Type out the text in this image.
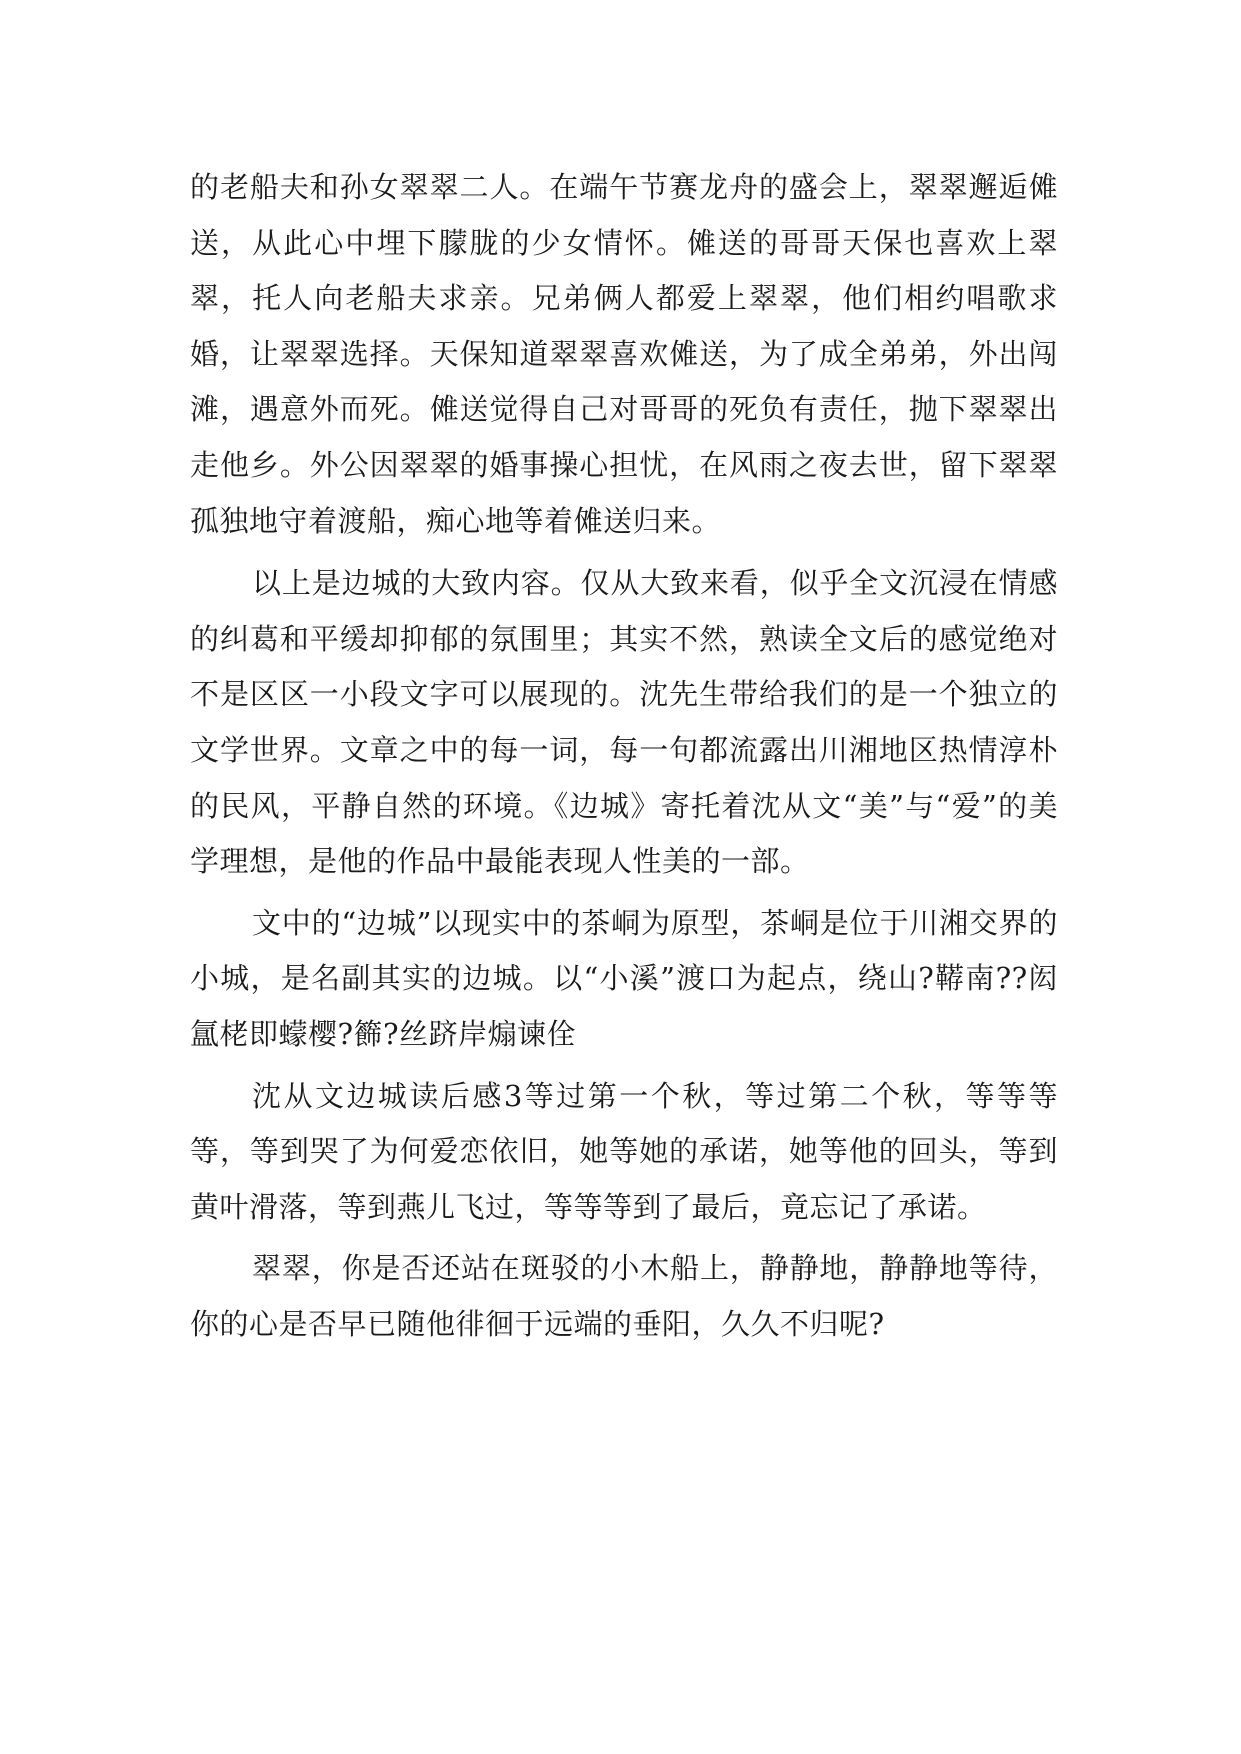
的老船夫和孙女翠翠二人。在端午节赛龙舟的盛会上，翠翠邂逅傩送，从此心中埋下朦胧的少女情怀。傩送的哥哥天保也喜欢上翠翠，托人向老船夫求亲。兄弟俩人都爱上翠翠，他们相约唱歌求婚，让翠翠选择。天保知道翠翠喜欢傩送，为了成全弟弟，外出闯滩，遇意外而死。傩送觉得自己对哥哥的死负有责任，抛下翠翠出走他乡。外公因翠翠的婚事操心担忧，在风雨之夜去世，留下翠翠孤独地守着渡船，痴心地等着傩送归来。

以上是边城的大致内容。仅从大致来看，似乎全文沉浸在情感的纠葛和平缓却抑郁的氛围里；其实不然，熟读全文后的感觉绝对不是区区一小段文字可以展现的。沈先生带给我们的是一个独立的文学世界。文章之中的每一词，每一句都流露出川湘地区热情淳朴的民风，平静自然的环境。《边城》寄托着沈从文“美”与“爱”的美学理想，是他的作品中最能表现人性美的一部。

文中的“边城”以现实中的茶峒为原型，茶峒是位于川湘交界的小城，是名副其实的边城。以“小溪”渡口为起点，绕山?鞯南??闳氲栳即蠓樱?籂?丝跻岸煽谏佺

沈从文边城读后感3等过第一个秋，等过第二个秋，等等等等，等到哭了为何爱恋依旧，她等她的承诺，她等他的回头，等到黄叶滑落，等到燕儿飞过，等等等到了最后，竟忘记了承诺。

翠翠，你是否还站在斑驳的小木船上，静静地，静静地等待，你的心是否早已随他徘徊于远端的垂阳，久久不归呢?
